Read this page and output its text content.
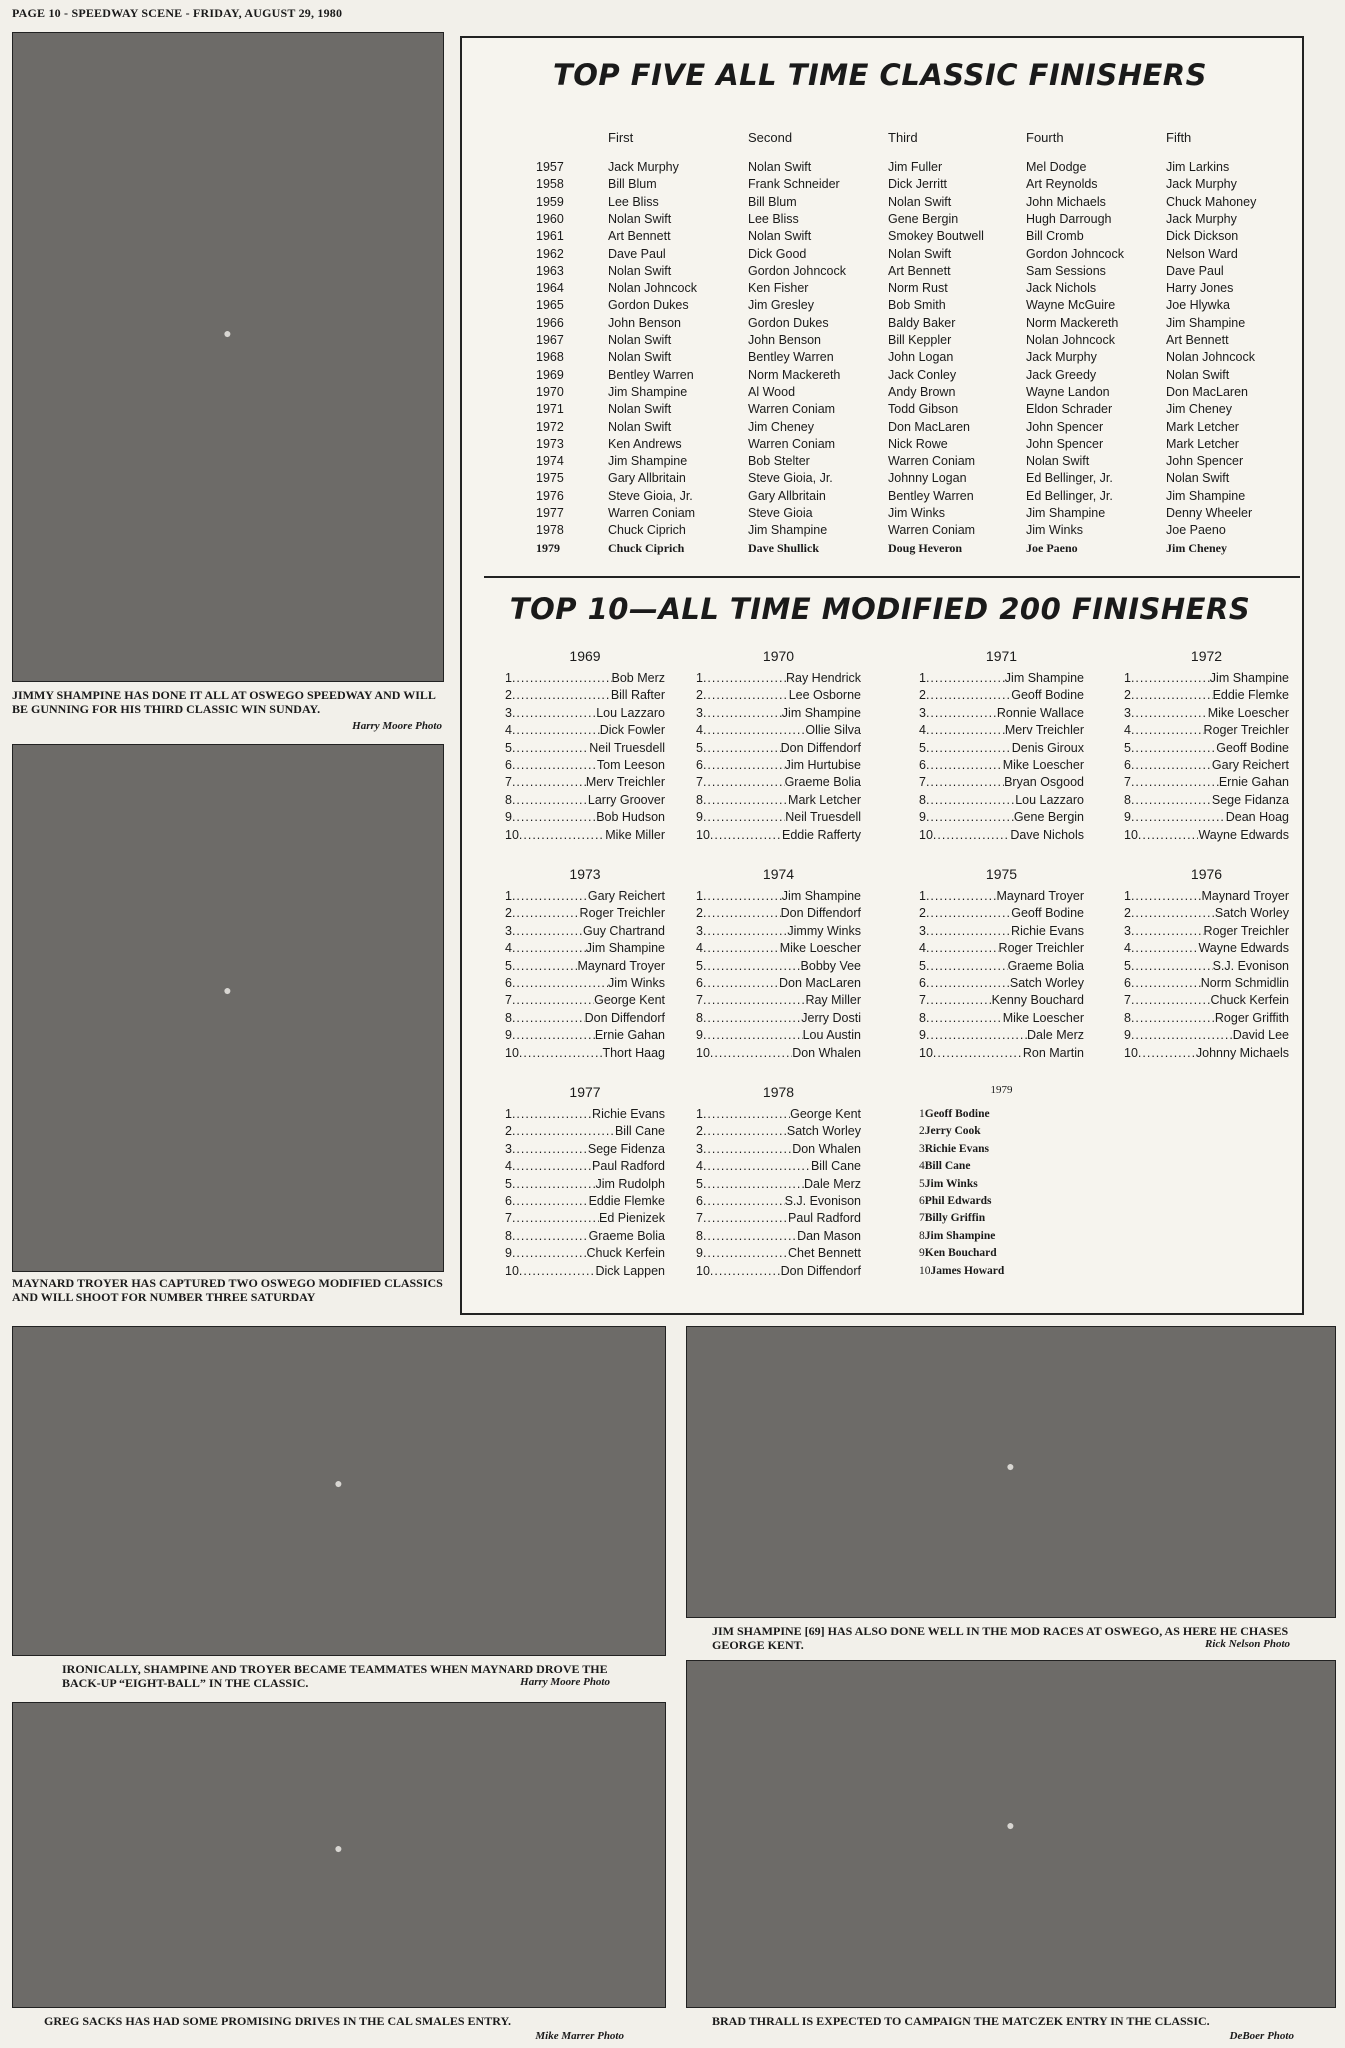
PAGE 10 - SPEEDWAY SCENE - FRIDAY, AUGUST 29, 1980
●
JIMMY SHAMPINE HAS DONE IT ALL AT OSWEGO SPEEDWAY AND WILL BE GUNNING FOR HIS THIRD CLASSIC WIN SUNDAY.
Harry Moore Photo
●
MAYNARD TROYER HAS CAPTURED TWO OSWEGO MODIFIED CLASSICS AND WILL SHOOT FOR NUMBER THREE SATURDAY
TOP FIVE ALL TIME CLASSIC FINISHERS
First	Second	Third	Fourth	Fifth
1957	Jack Murphy	Nolan Swift	Jim Fuller	Mel Dodge	Jim Larkins
1958	Bill Blum	Frank Schneider	Dick Jerritt	Art Reynolds	Jack Murphy
1959	Lee Bliss	Bill Blum	Nolan Swift	John Michaels	Chuck Mahoney
1960	Nolan Swift	Lee Bliss	Gene Bergin	Hugh Darrough	Jack Murphy
1961	Art Bennett	Nolan Swift	Smokey Boutwell	Bill Cromb	Dick Dickson
1962	Dave Paul	Dick Good	Nolan Swift	Gordon Johncock	Nelson Ward
1963	Nolan Swift	Gordon Johncock	Art Bennett	Sam Sessions	Dave Paul
1964	Nolan Johncock	Ken Fisher	Norm Rust	Jack Nichols	Harry Jones
1965	Gordon Dukes	Jim Gresley	Bob Smith	Wayne McGuire	Joe Hlywka
1966	John Benson	Gordon Dukes	Baldy Baker	Norm Mackereth	Jim Shampine
1967	Nolan Swift	John Benson	Bill Keppler	Nolan Johncock	Art Bennett
1968	Nolan Swift	Bentley Warren	John Logan	Jack Murphy	Nolan Johncock
1969	Bentley Warren	Norm Mackereth	Jack Conley	Jack Greedy	Nolan Swift
1970	Jim Shampine	Al Wood	Andy Brown	Wayne Landon	Don MacLaren
1971	Nolan Swift	Warren Coniam	Todd Gibson	Eldon Schrader	Jim Cheney
1972	Nolan Swift	Jim Cheney	Don MacLaren	John Spencer	Mark Letcher
1973	Ken Andrews	Warren Coniam	Nick Rowe	John Spencer	Mark Letcher
1974	Jim Shampine	Bob Stelter	Warren Coniam	Nolan Swift	John Spencer
1975	Gary Allbritain	Steve Gioia, Jr.	Johnny Logan	Ed Bellinger, Jr.	Nolan Swift
1976	Steve Gioia, Jr.	Gary Allbritain	Bentley Warren	Ed Bellinger, Jr.	Jim Shampine
1977	Warren Coniam	Steve Gioia	Jim Winks	Jim Shampine	Denny Wheeler
1978	Chuck Ciprich	Jim Shampine	Warren Coniam	Jim Winks	Joe Paeno
1979	Chuck Ciprich	Dave Shullick	Doug Heveron	Joe Paeno	Jim Cheney
TOP 10—ALL TIME MODIFIED 200 FINISHERS
1969
1 .....	Bob Merz
2 .....	Bill Rafter
3 .....	Lou Lazzaro
4 .....	Dick Fowler
5 .....	Neil Truesdell
6 .....	Tom Leeson
7 .....	Merv Treichler
8 .....	Larry Groover
9 .....	Bob Hudson
10 .....	Mike Miller
1970
1 .....	Ray Hendrick
2 .....	Lee Osborne
3 .....	Jim Shampine
4 .....	Ollie Silva
5 .....	Don Diffendorf
6 .....	Jim Hurtubise
7 .....	Graeme Bolia
8 .....	Mark Letcher
9 .....	Neil Truesdell
10 .....	Eddie Rafferty
1971
1 .....	Jim Shampine
2 .....	Geoff Bodine
3 .....	Ronnie Wallace
4 .....	Merv Treichler
5 .....	Denis Giroux
6 .....	Mike Loescher
7 .....	Bryan Osgood
8 .....	Lou Lazzaro
9 .....	Gene Bergin
10 .....	Dave Nichols
1972
1 .....	Jim Shampine
2 .....	Eddie Flemke
3 .....	Mike Loescher
4 .....	Roger Treichler
5 .....	Geoff Bodine
6 .....	Gary Reichert
7 .....	Ernie Gahan
8 .....	Sege Fidanza
9 .....	Dean Hoag
10 .....	Wayne Edwards
1973
1 .....	Gary Reichert
2 .....	Roger Treichler
3 .....	Guy Chartrand
4 .....	Jim Shampine
5 .....	Maynard Troyer
6 .....	Jim Winks
7 .....	George Kent
8 .....	Don Diffendorf
9 .....	Ernie Gahan
10 .....	Thort Haag
1974
1 .....	Jim Shampine
2 .....	Don Diffendorf
3 .....	Jimmy Winks
4 .....	Mike Loescher
5 .....	Bobby Vee
6 .....	Don MacLaren
7 .....	Ray Miller
8 .....	Jerry Dosti
9 .....	Lou Austin
10 .....	Don Whalen
1975
1 .....	Maynard Troyer
2 .....	Geoff Bodine
3 .....	Richie Evans
4 .....	Roger Treichler
5 .....	Graeme Bolia
6 .....	Satch Worley
7 .....	Kenny Bouchard
8 .....	Mike Loescher
9 .....	Dale Merz
10 .....	Ron Martin
1976
1 .....	Maynard Troyer
2 .....	Satch Worley
3 .....	Roger Treichler
4 .....	Wayne Edwards
5 .....	S.J. Evonison
6 .....	Norm Schmidlin
7 .....	Chuck Kerfein
8 .....	Roger Griffith
9 .....	David Lee
10 .....	Johnny Michaels
1977
1 .....	Richie Evans
2 .....	Bill Cane
3 .....	Sege Fidenza
4 .....	Paul Radford
5 .....	Jim Rudolph
6 .....	Eddie Flemke
7 .....	Ed Pienizek
8 .....	Graeme Bolia
9 .....	Chuck Kerfein
10 .....	Dick Lappen
1978
1 .....	George Kent
2 .....	Satch Worley
3 .....	Don Whalen
4 .....	Bill Cane
5 .....	Dale Merz
6 .....	S.J. Evonison
7 .....	Paul Radford
8 .....	Dan Mason
9 .....	Chet Bennett
10 .....	Don Diffendorf
1979
1 Geoff Bodine
2 Jerry Cook
3 Richie Evans
4 Bill Cane
5 Jim Winks
6 Phil Edwards
7 Billy Griffin
8 Jim Shampine
9 Ken Bouchard
10 James Howard
●
IRONICALLY, SHAMPINE AND TROYER BECAME TEAMMATES WHEN MAYNARD DROVE THE BACK-UP “EIGHT-BALL” IN THE CLASSIC.	Harry Moore Photo
●
JIM SHAMPINE [69] HAS ALSO DONE WELL IN THE MOD RACES AT OSWEGO, AS HERE HE CHASES GEORGE KENT.	Rick Nelson Photo
●
GREG SACKS HAS HAD SOME PROMISING DRIVES IN THE CAL SMALES ENTRY.
Mike Marrer Photo
●
BRAD THRALL IS EXPECTED TO CAMPAIGN THE MATCZEK ENTRY IN THE CLASSIC.
DeBoer Photo
